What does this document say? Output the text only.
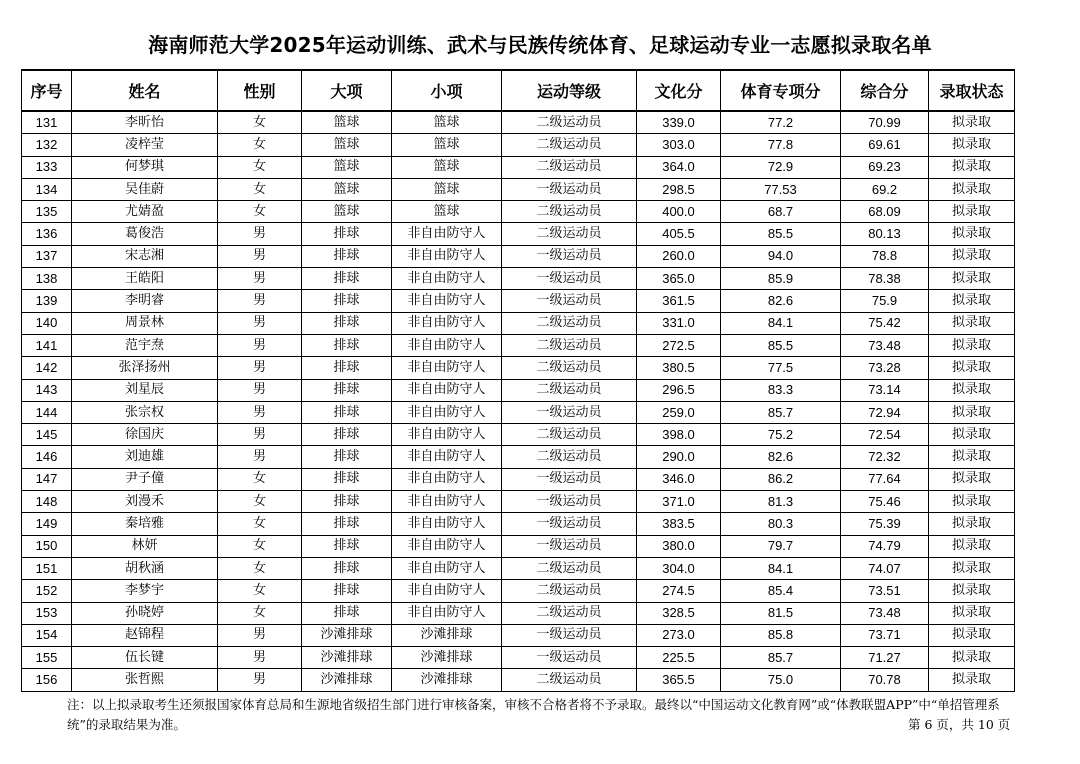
海南师范大学2025年运动训练、武术与民族传统体育、足球运动专业一志愿拟录取名单
序号	姓名	性别	大项	小项	运动等级	文化分	体育专项分	综合分	录取状态
131	李昕怡	女	篮球	篮球	二级运动员	339.0	77.2	70.99	拟录取
132	凌梓莹	女	篮球	篮球	二级运动员	303.0	77.8	69.61	拟录取
133	何梦琪	女	篮球	篮球	二级运动员	364.0	72.9	69.23	拟录取
134	吴佳蔚	女	篮球	篮球	一级运动员	298.5	77.53	69.2	拟录取
135	尤婧盈	女	篮球	篮球	二级运动员	400.0	68.7	68.09	拟录取
136	葛俊浩	男	排球	非自由防守人	二级运动员	405.5	85.5	80.13	拟录取
137	宋志湘	男	排球	非自由防守人	一级运动员	260.0	94.0	78.8	拟录取
138	王皓阳	男	排球	非自由防守人	一级运动员	365.0	85.9	78.38	拟录取
139	李明睿	男	排球	非自由防守人	一级运动员	361.5	82.6	75.9	拟录取
140	周景林	男	排球	非自由防守人	二级运动员	331.0	84.1	75.42	拟录取
141	范宇焘	男	排球	非自由防守人	二级运动员	272.5	85.5	73.48	拟录取
142	张泽扬州	男	排球	非自由防守人	二级运动员	380.5	77.5	73.28	拟录取
143	刘星辰	男	排球	非自由防守人	二级运动员	296.5	83.3	73.14	拟录取
144	张宗权	男	排球	非自由防守人	一级运动员	259.0	85.7	72.94	拟录取
145	徐国庆	男	排球	非自由防守人	二级运动员	398.0	75.2	72.54	拟录取
146	刘迪雄	男	排球	非自由防守人	二级运动员	290.0	82.6	72.32	拟录取
147	尹子僮	女	排球	非自由防守人	一级运动员	346.0	86.2	77.64	拟录取
148	刘漫禾	女	排球	非自由防守人	一级运动员	371.0	81.3	75.46	拟录取
149	秦培雅	女	排球	非自由防守人	一级运动员	383.5	80.3	75.39	拟录取
150	林妍	女	排球	非自由防守人	一级运动员	380.0	79.7	74.79	拟录取
151	胡秋涵	女	排球	非自由防守人	二级运动员	304.0	84.1	74.07	拟录取
152	李梦宇	女	排球	非自由防守人	二级运动员	274.5	85.4	73.51	拟录取
153	孙晓婷	女	排球	非自由防守人	二级运动员	328.5	81.5	73.48	拟录取
154	赵锦程	男	沙滩排球	沙滩排球	一级运动员	273.0	85.8	73.71	拟录取
155	伍长键	男	沙滩排球	沙滩排球	一级运动员	225.5	85.7	71.27	拟录取
156	张哲熙	男	沙滩排球	沙滩排球	二级运动员	365.5	75.0	70.78	拟录取
注：以上拟录取考生还须报国家体育总局和生源地省级招生部门进行审核备案，审核不合格者将不予录取。最终以“中国运动文化教育网”或“体教联盟APP”中“单招管理系统”的录取结果为准。	第 6 页，共 10 页
